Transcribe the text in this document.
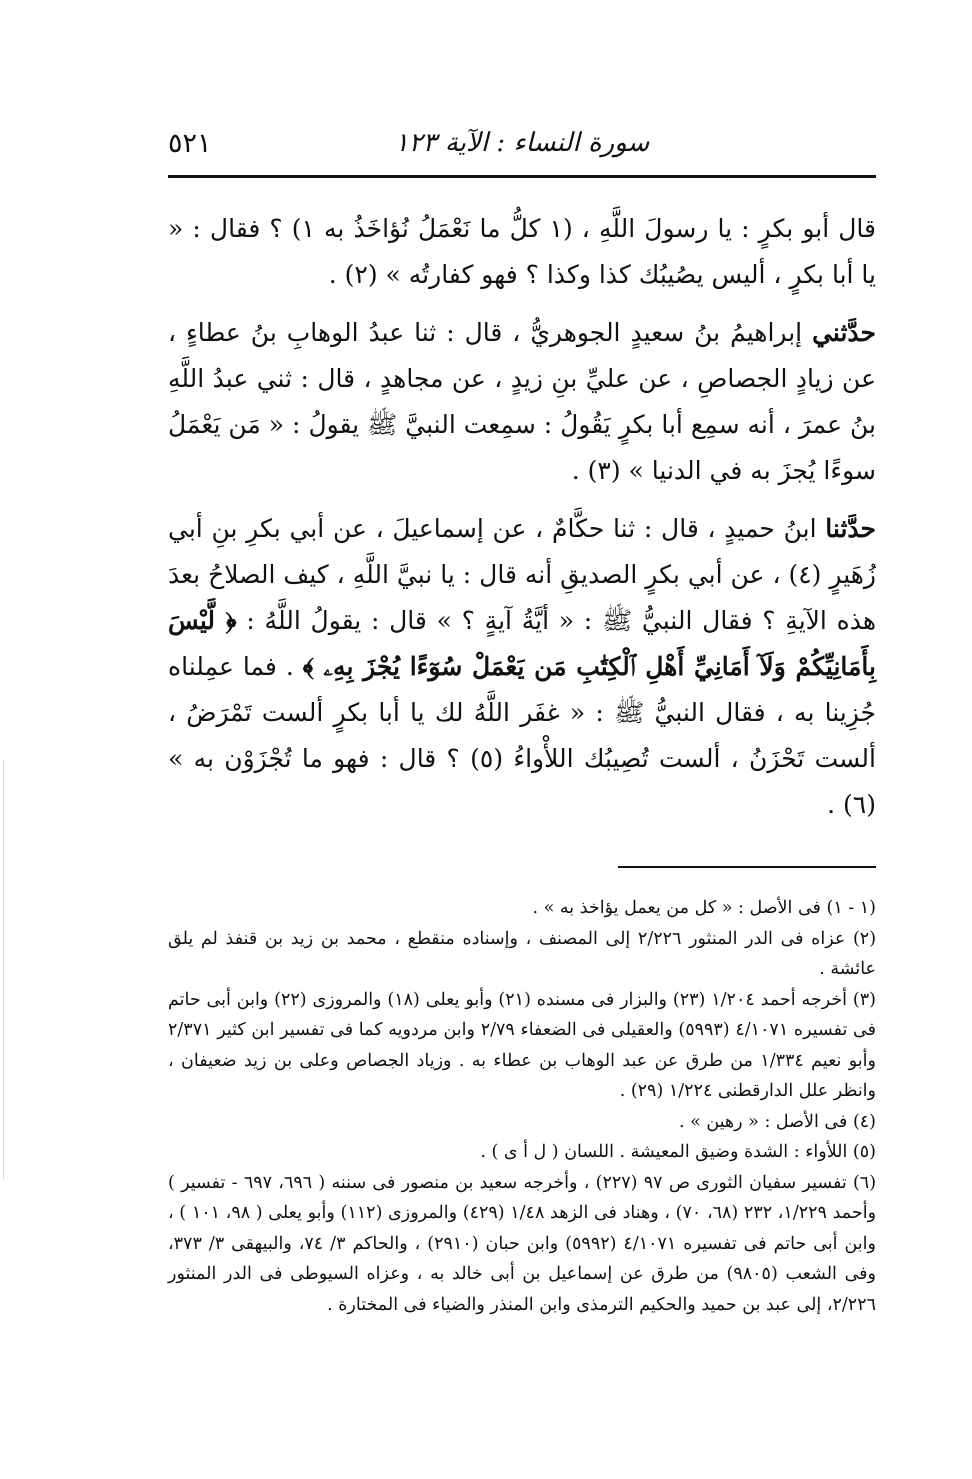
٥٢١	سورة النساء : الآية ١٢٣

قال أبو بكرٍ : يا رسولَ اللَّهِ ، (١ كلُّ ما نَعْمَلُ نُؤاخَذُ به ١) ؟ فقال : « يا أبا بكرٍ ، أليس يصُيبُك كذا وكذا ؟ فهو كفارتُه » (٢) .

حدَّثني إبراهيمُ بنُ سعيدٍ الجوهريُّ ، قال : ثنا عبدُ الوهابِ بنُ عطاءٍ ، عن زيادٍ الجصاصِ ، عن عليِّ بنِ زيدٍ ، عن مجاهدٍ ، قال : ثني عبدُ اللَّهِ بنُ عمرَ ، أنه سمِع أبا بكرٍ يَقُولُ : سمِعت النبيَّ ﷺ يقولُ : « مَن يَعْمَلُ سوءًا يُجزَ به في الدنيا » (٣) .

حدَّثنا ابنُ حميدٍ ، قال : ثنا حكَّامٌ ، عن إسماعيلَ ، عن أبي بكرِ بنِ أبي زُهَيرٍ (٤) ، عن أبي بكرٍ الصديقِ أنه قال : يا نبيَّ اللَّهِ ، كيف الصلاحُ بعدَ هذه الآيةِ ؟ فقال النبيُّ ﷺ : « أيَّةُ آيةٍ ؟ » قال : يقولُ اللَّهُ : ﴿ لَّيْسَ بِأَمَانِيِّكُمْ وَلَآ أَمَانِيِّ أَهْلِ ٱلْكِتَٰبِ مَن يَعْمَلْ سُوٓءًا يُجْزَ بِهِۦ ﴾ . فما عمِلناه جُزِينا به ، فقال النبيُّ ﷺ : « غفَر اللَّهُ لك يا أبا بكرٍ ألست تَمْرَضُ ، ألست تَحْزَنُ ، ألست تُصِيبُك اللأْواءُ (٥) ؟ قال : فهو ما تُجْزَوْن به » (٦) .

(١ - ١) فى الأصل : « كل من يعمل يؤاخذ به » .

(٢) عزاه فى الدر المنثور ٢/٢٢٦ إلى المصنف ، وإسناده منقطع ، محمد بن زيد بن قنفذ لم يلق عائشة .

(٣) أخرجه أحمد ١/٢٠٤ (٢٣) والبزار فى مسنده (٢١) وأبو يعلى (١٨) والمروزى (٢٢) وابن أبى حاتم فى تفسيره ٤/١٠٧١ (٥٩٩٣) والعقيلى فى الضعفاء ٢/٧٩ وابن مردويه كما فى تفسير ابن كثير ٢/٣٧١ وأبو نعيم ١/٣٣٤ من طرق عن عبد الوهاب بن عطاء به . وزياد الجصاص وعلى بن زيد ضعيفان ، وانظر علل الدارقطنى ١/٢٢٤ (٢٩) .

(٤) فى الأصل : « رهين » .

(٥) اللأواء : الشدة وضيق المعيشة . اللسان ( ل أ ى ) .

(٦) تفسير سفيان الثورى ص ٩٧ (٢٢٧) ، وأخرجه سعيد بن منصور فى سننه ( ٦٩٦، ٦٩٧ - تفسير ) وأحمد ١/٢٢٩، ٢٣٢ (٦٨، ٧٠) ، وهناد فى الزهد ١/٤٨ (٤٢٩) والمروزى (١١٢) وأبو يعلى ( ٩٨، ١٠١ ) ، وابن أبى حاتم فى تفسيره ٤/١٠٧١ (٥٩٩٢) وابن حبان (٢٩١٠) ، والحاكم ٣/ ٧٤، والبيهقى ٣/ ٣٧٣، وفى الشعب (٩٨٠٥) من طرق عن إسماعيل بن أبى خالد به ، وعزاه السيوطى فى الدر المنثور ٢/٢٢٦، إلى عبد بن حميد والحكيم الترمذى وابن المنذر والضياء فى المختارة .
